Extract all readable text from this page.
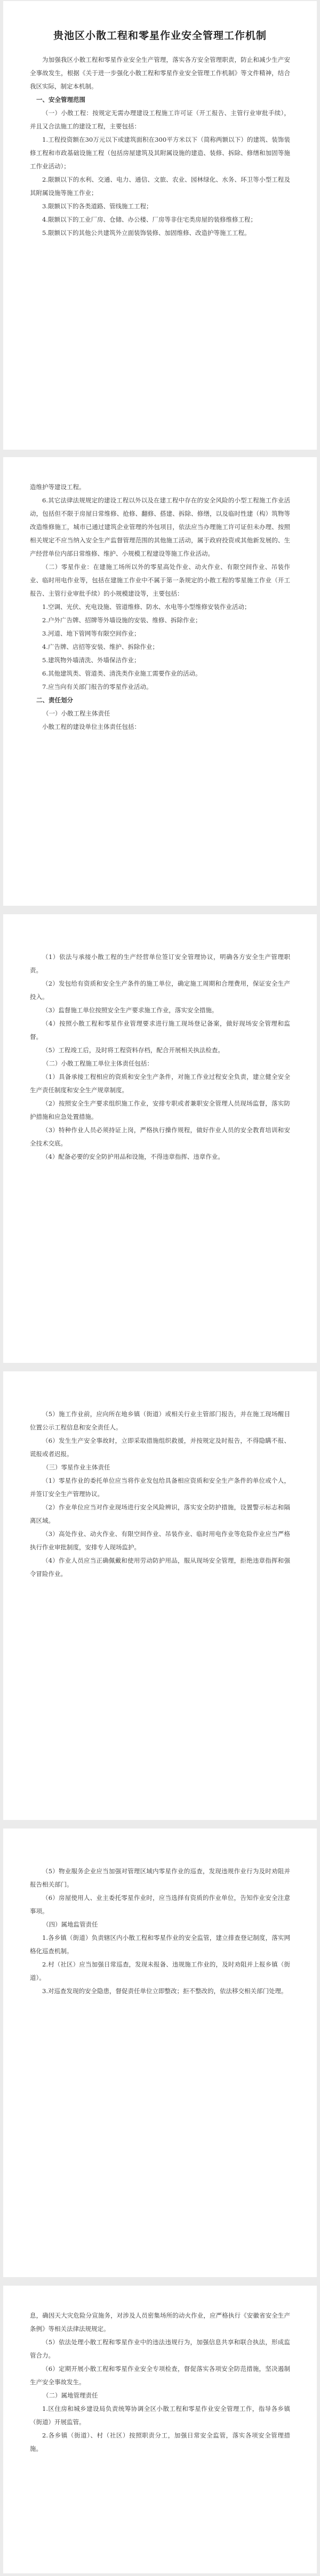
贵池区小散工程和零星作业安全管理工作机制

为加强我区小散工程和零星作业安全生产管理，落实各方安全管理职责，防止和减少生产安全事故发生，根据《关于进一步强化小散工程和零星作业安全管理工作机制》等文件精神，结合我区实际，制定本机制。

一、安全管理范围

（一）小散工程：按规定无需办理建设工程施工许可证（开工报告、主管行业审批手续），并且又合法施工的建设工程，主要包括：

1.工程投资额在30万元以下或建筑面积在300平方米以下（简称两额以下）的建筑、装饰装修工程和市政基础设施工程（包括房屋建筑及其附属设施的建造、装修、拆除、修缮和加固等施工作业活动）；

2.限额以下的水利、交通、电力、通信、文旅、农业、园林绿化、水务、环卫等小型工程及其附属设施等施工作业；

3.限额以下的各类道路、管线施工工程；

4.限额以下的工业厂房、仓储、办公楼、厂房等非住宅类房屋的装修维修工程；

5.限额以下的其他公共建筑外立面装饰装修、加固维修、改造护等施工工程。

造维护等建设工程。

6.其它法律法规规定的建设工程以外以及在建工程中存在的安全风险的小型工程施工作业活动，包括但不限于房屋日常维修、抢修、翻修、搭建、拆除、修缮，以及临时性建（构）筑物等改造维修施工，城市已通过建筑企业管理的外包项目，依法应当办理施工许可证但未办理、按照相关规定不应当纳入安全生产监督管理范围的其他施工活动，属于政府投资或其他新发展的、生产经营单位内部日常维修、维护、小规模工程建设等施工作业活动。

（二）零星作业：在建施工场所以外的零星高处作业、动火作业、有限空间作业、吊装作业、临时用电作业等，包括在建施工作业中不属于第一条规定的小散工程的零星施工作业（开工报告、主管行业审批手续）的小规模建设等，主要包括：

1.空调、光伏、充电设施、管道维修、防水、水电等小型维修安装作业活动；

2.户外广告牌、招牌等外墙设施的安装、维修、拆除作业；

3.河道、地下管网等有限空间作业；

4.广告牌、店招等安装、维护、拆除作业；

5.建筑物外墙清洗、外墙保洁作业；

6.其他建筑类、管道类、清洗类作业施工需要作业的活动。

7.应当向有关部门报告的零星作业活动。

二、责任划分

（一）小散工程主体责任

小散工程的建设单位主体责任包括：

（1）依法与承接小散工程的生产经营单位签订安全管理协议，明确各方安全生产管理职责。

（2）发包给有资质和安全生产条件的施工单位，确定施工周期和合理费用，保证安全生产投入。

（3）监督施工单位按照安全生产要求施工作业，落实安全措施。

（4）按照小散工程和零星作业管理要求进行施工现场登记备案，做好现场安全管理和监督。

（5）工程竣工后，及时将工程资料存档，配合开展相关执法检查。

（二）小散工程施工单位主体责任包括：

（1）具备承接工程相应的资质和安全生产条件，对施工作业过程安全负责，建立健全安全生产责任制度和安全生产规章制度。

（2）按照安全生产要求组织施工作业，安排专职或者兼职安全管理人员现场监督，落实防护措施和应急处置措施。

（3）特种作业人员必须持证上岗，严格执行操作规程，做好作业人员的安全教育培训和安全技术交底。

（4）配备必要的安全防护用品和设施，不得违章指挥、违章作业。

（5）施工作业前，应向所在地乡镇（街道）或相关行业主管部门报告，并在施工现场醒目位置公示工程信息和安全责任人。

（6）发生生产安全事故时，立即采取措施组织救援，并按规定及时报告，不得隐瞒不报、谎报或者迟报。

（三）零星作业主体责任

（1）零星作业的委托单位应当将作业发包给具备相应资质和安全生产条件的单位或个人，并签订安全生产管理协议。

（2）作业单位应当对作业现场进行安全风险辨识，落实安全防护措施，设置警示标志和隔离区域。

（3）高处作业、动火作业、有限空间作业、吊装作业、临时用电作业等危险作业应当严格执行作业审批制度，安排专人现场监护。

（4）作业人员应当正确佩戴和使用劳动防护用品，服从现场安全管理，拒绝违章指挥和强令冒险作业。

（5）物业服务企业应当加强对管理区域内零星作业的巡查，发现违规作业行为及时劝阻并报告相关部门。

（6）房屋使用人、业主委托零星作业时，应当选择有资质的作业单位，告知作业安全注意事项。

（四）属地监管责任

1.各乡镇（街道）负责辖区内小散工程和零星作业的安全监管，建立排查登记制度，落实网格化巡查机制。

2.村（社区）应当加强日常巡查，发现未报备、违规施工作业的，及时劝阻并上报乡镇（街道）。

3.对巡查发现的安全隐患，督促责任单位立即整改；拒不整改的，依法移交相关部门处理。

息，确因天大灾危险分宣施务，对涉及人员密集场所的动火作业，应严格执行《安徽省安全生产条例》等相关法律法规规定。

（5）依法处理小散工程和零星作业中的违法违规行为，加强信息共享和联合执法，形成监管合力。

（6）定期开展小散工程和零星作业安全专项检查，督促落实各项安全防范措施，坚决遏制生产安全事故发生。

（二）属地管理责任

1.区住房和城乡建设局负责统筹协调全区小散工程和零星作业安全管理工作，指导各乡镇（街道）开展监管。

2.各乡镇（街道）、村（社区）按照职责分工，加强日常安全监管，落实各项安全管理措施。
